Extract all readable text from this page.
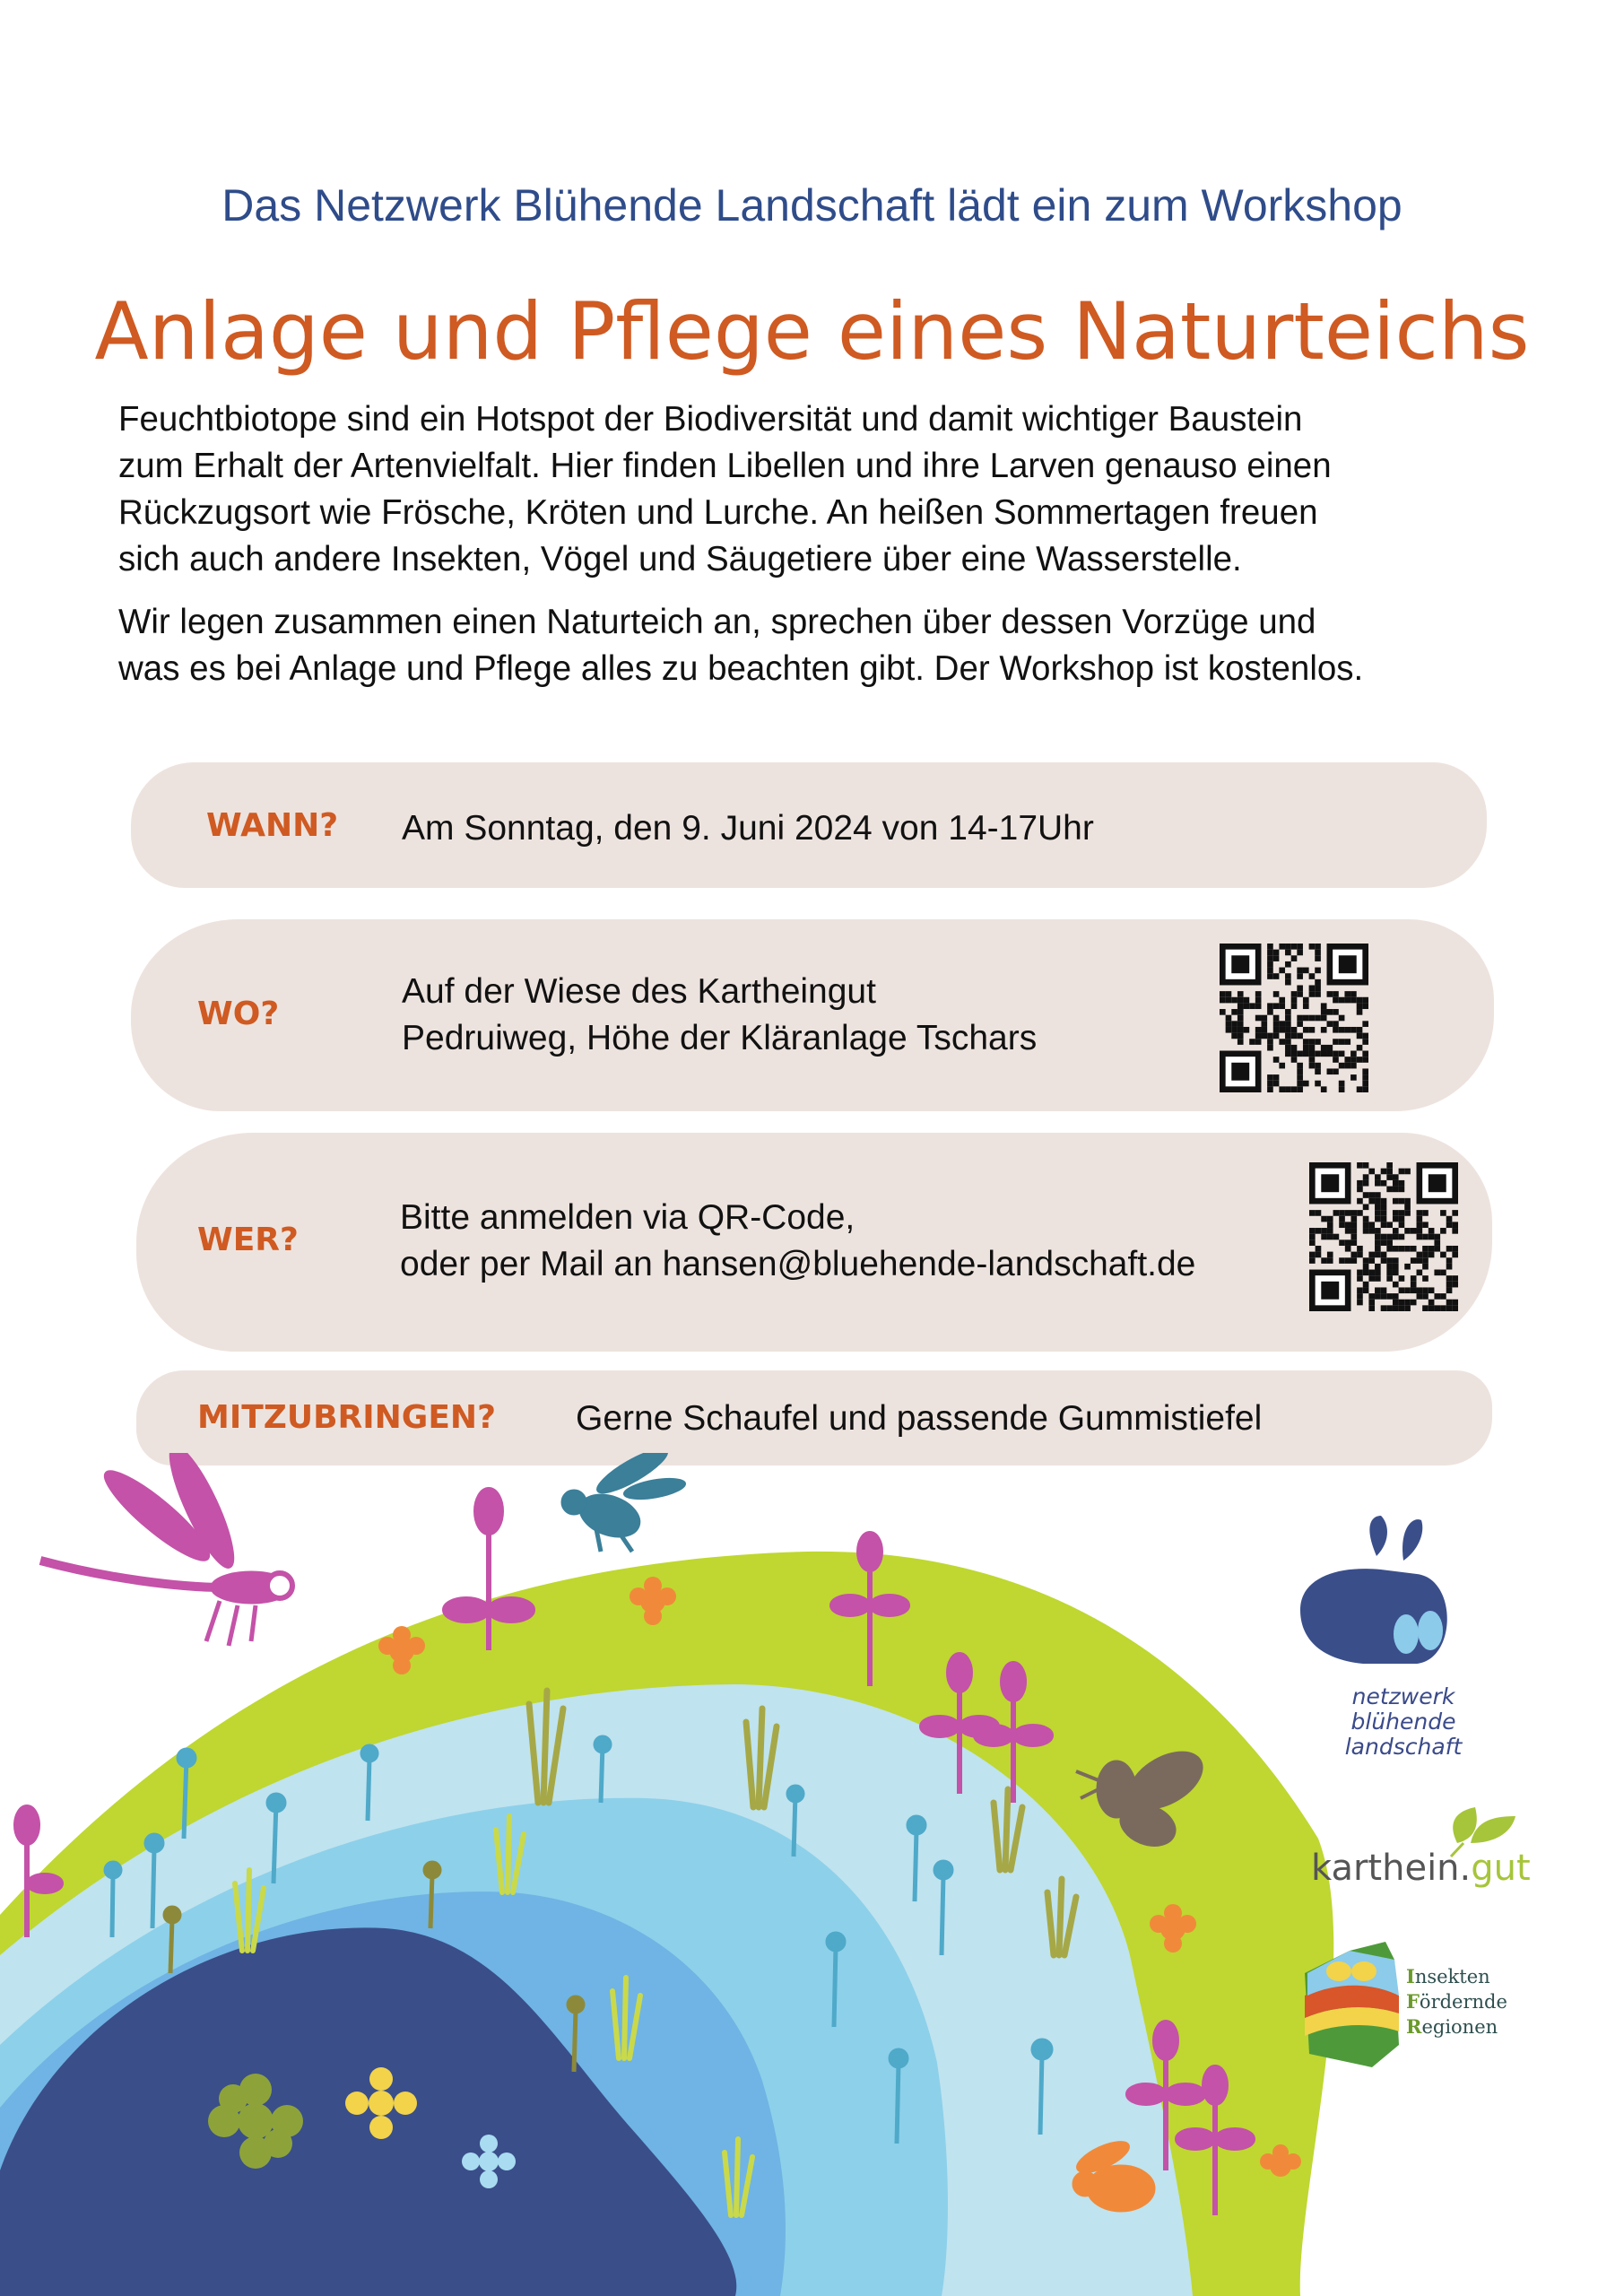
Das Netzwerk Blühende Landschaft lädt ein zum Workshop
Anlage und Pflege eines Naturteichs
Feuchtbiotope sind ein Hotspot der Biodiversität und damit wichtiger Baustein
zum Erhalt der Artenvielfalt. Hier finden Libellen und ihre Larven genauso einen
Rückzugsort wie Frösche, Kröten und Lurche. An heißen Sommertagen freuen
sich auch andere Insekten, Vögel und Säugetiere über eine Wasserstelle.
Wir legen zusammen einen Naturteich an, sprechen über dessen Vorzüge und
was es bei Anlage und Pflege alles zu beachten gibt. Der Workshop ist kostenlos.
WANN? Am Sonntag, den 9. Juni 2024 von 14-17Uhr
WO?
Auf der Wiese des Kartheingut
Pedruiweg, Höhe der Kläranlage Tschars
WER?
Bitte anmelden via QR-Code,
oder per Mail an hansen@bluehende-landschaft.de
MITZUBRINGEN? Gerne Schaufel und passende Gummistiefel
netzwerk
blühende
landschaft
karthein.gut
Insekten
Fördernde
Regionen
